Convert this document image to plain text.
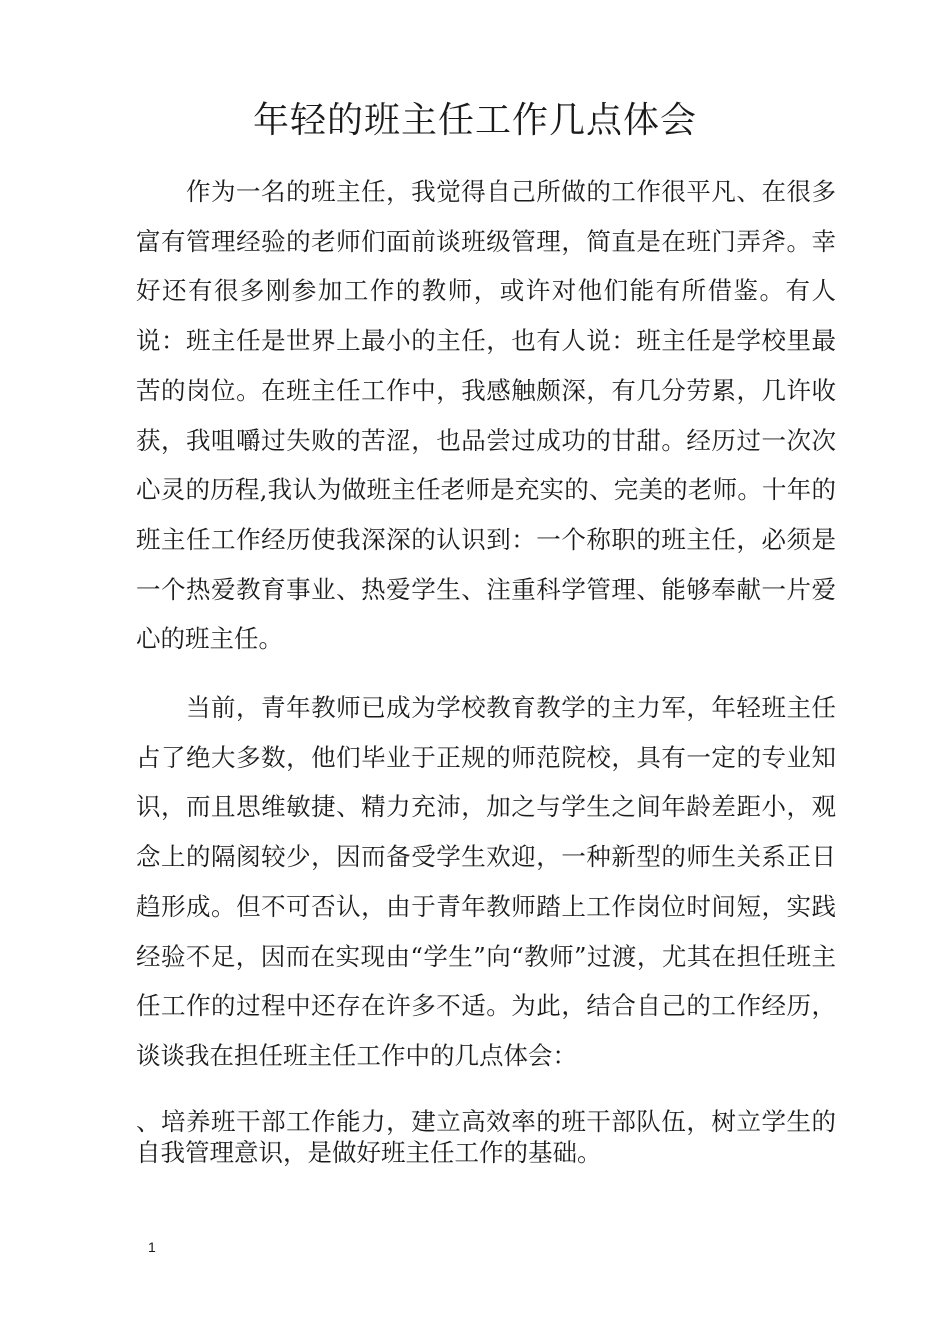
年轻的班主任工作几点体会

作为一名的班主任，我觉得自己所做的工作很平凡、在很多富有管理经验的老师们面前谈班级管理，简直是在班门弄斧。幸好还有很多刚参加工作的教师，或许对他们能有所借鉴。有人说：班主任是世界上最小的主任，也有人说：班主任是学校里最苦的岗位。在班主任工作中，我感触颇深，有几分劳累，几许收获，我咀嚼过失败的苦涩，也品尝过成功的甘甜。经历过一次次心灵的历程,我认为做班主任老师是充实的、完美的老师。十年的班主任工作经历使我深深的认识到：一个称职的班主任，必须是一个热爱教育事业、热爱学生、注重科学管理、能够奉献一片爱心的班主任。

当前，青年教师已成为学校教育教学的主力军，年轻班主任占了绝大多数，他们毕业于正规的师范院校，具有一定的专业知识，而且思维敏捷、精力充沛，加之与学生之间年龄差距小，观念上的隔阂较少，因而备受学生欢迎，一种新型的师生关系正日趋形成。但不可否认，由于青年教师踏上工作岗位时间短，实践经验不足，因而在实现由“学生”向“教师”过渡，尤其在担任班主任工作的过程中还存在许多不适。为此，结合自己的工作经历，谈谈我在担任班主任工作中的几点体会：

、培养班干部工作能力，建立高效率的班干部队伍，树立学生的自我管理意识，是做好班主任工作的基础。

1
